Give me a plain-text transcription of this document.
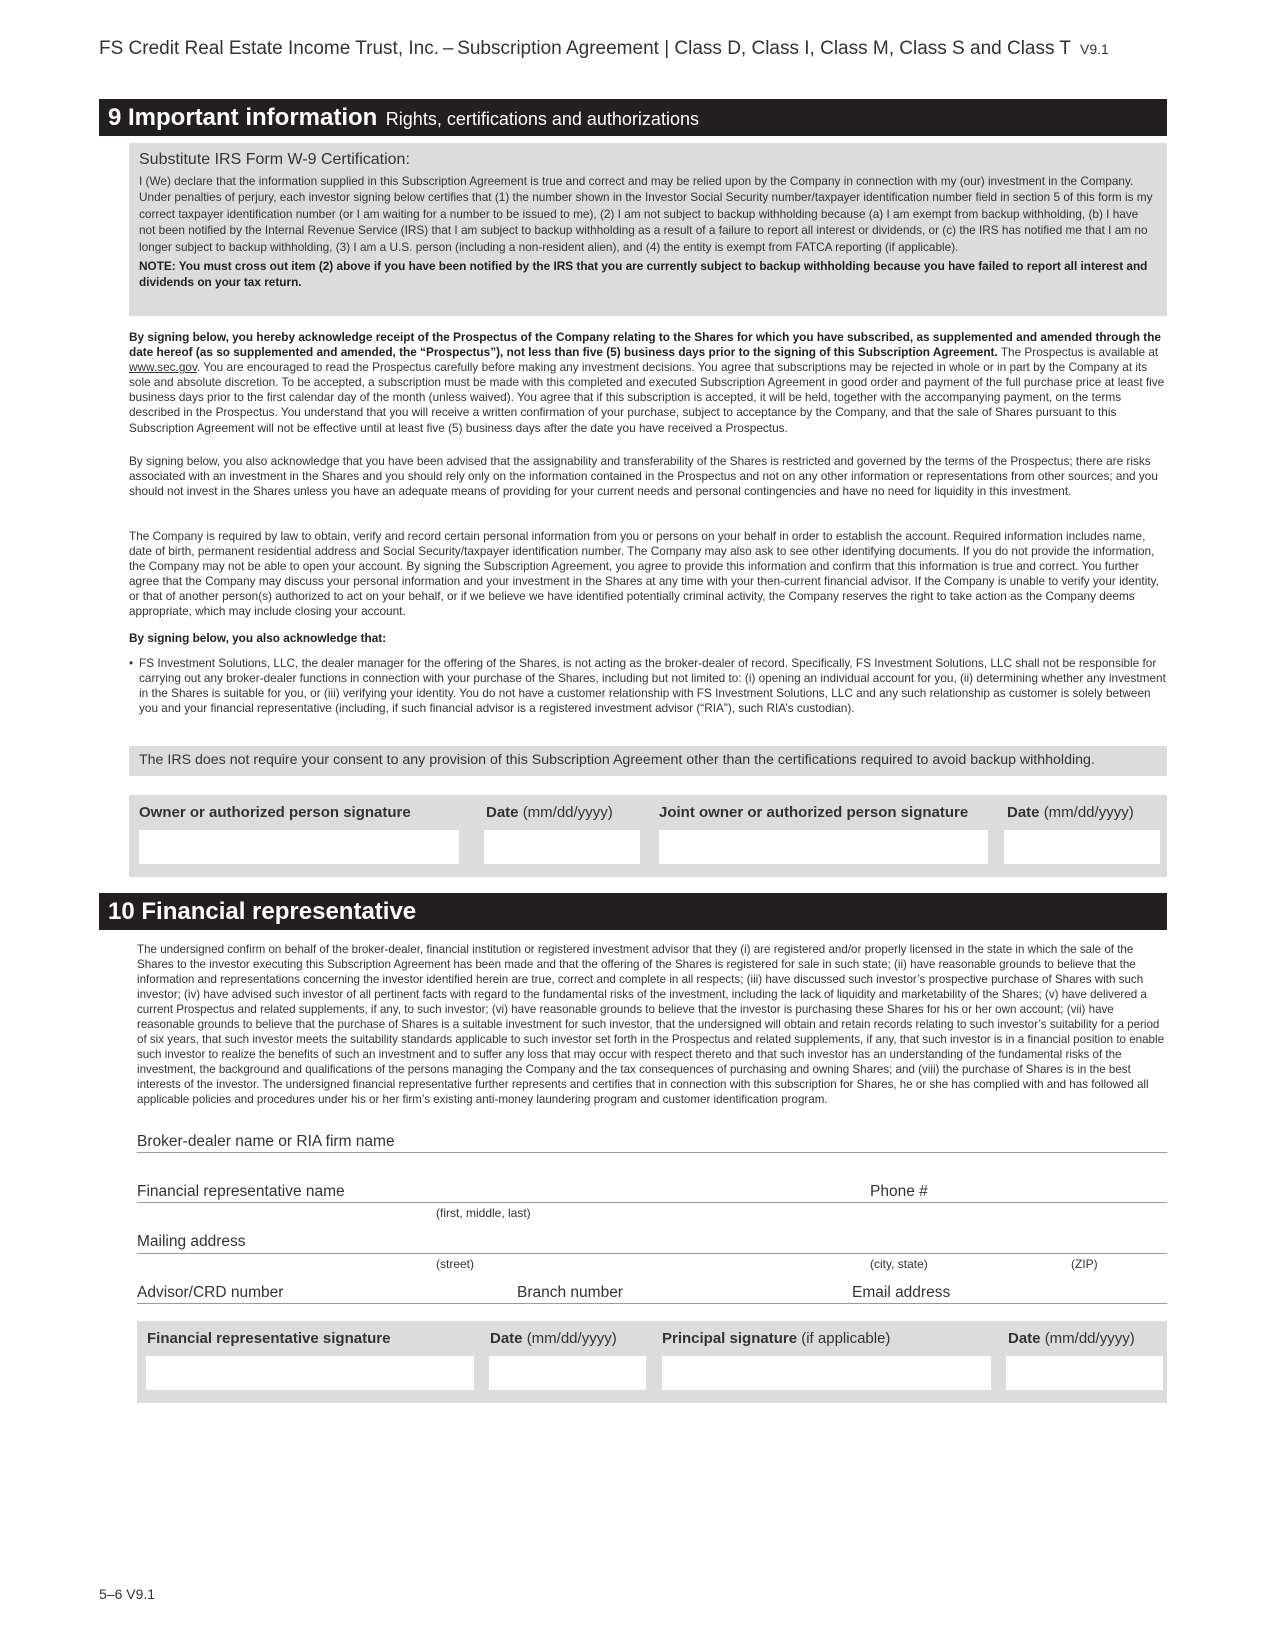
FS Credit Real Estate Income Trust, Inc. – Subscription Agreement | Class D, Class I, Class M, Class S and Class T V9.1
9 Important information Rights, certifications and authorizations
Substitute IRS Form W-9 Certification:
I (We) declare that the information supplied in this Subscription Agreement is true and correct and may be relied upon by the Company in connection with my (our) investment in the Company. Under penalties of perjury, each investor signing below certifies that (1) the number shown in the Investor Social Security number/taxpayer identification number field in section 5 of this form is my correct taxpayer identification number (or I am waiting for a number to be issued to me), (2) I am not subject to backup withholding because (a) I am exempt from backup withholding, (b) I have not been notified by the Internal Revenue Service (IRS) that I am subject to backup withholding as a result of a failure to report all interest or dividends, or (c) the IRS has notified me that I am no longer subject to backup withholding, (3) I am a U.S. person (including a non-resident alien), and (4) the entity is exempt from FATCA reporting (if applicable).
NOTE: You must cross out item (2) above if you have been notified by the IRS that you are currently subject to backup withholding because you have failed to report all interest and dividends on your tax return.
By signing below, you hereby acknowledge receipt of the Prospectus of the Company relating to the Shares for which you have subscribed, as supplemented and amended through the date hereof (as so supplemented and amended, the “Prospectus”), not less than five (5) business days prior to the signing of this Subscription Agreement. The Prospectus is available at www.sec.gov. You are encouraged to read the Prospectus carefully before making any investment decisions. You agree that subscriptions may be rejected in whole or in part by the Company at its sole and absolute discretion. To be accepted, a subscription must be made with this completed and executed Subscription Agreement in good order and payment of the full purchase price at least five business days prior to the first calendar day of the month (unless waived). You agree that if this subscription is accepted, it will be held, together with the accompanying payment, on the terms described in the Prospectus. You understand that you will receive a written confirmation of your purchase, subject to acceptance by the Company, and that the sale of Shares pursuant to this Subscription Agreement will not be effective until at least five (5) business days after the date you have received a Prospectus.
By signing below, you also acknowledge that you have been advised that the assignability and transferability of the Shares is restricted and governed by the terms of the Prospectus; there are risks associated with an investment in the Shares and you should rely only on the information contained in the Prospectus and not on any other information or representations from other sources; and you should not invest in the Shares unless you have an adequate means of providing for your current needs and personal contingencies and have no need for liquidity in this investment.
The Company is required by law to obtain, verify and record certain personal information from you or persons on your behalf in order to establish the account. Required information includes name, date of birth, permanent residential address and Social Security/taxpayer identification number. The Company may also ask to see other identifying documents. If you do not provide the information, the Company may not be able to open your account. By signing the Subscription Agreement, you agree to provide this information and confirm that this information is true and correct. You further agree that the Company may discuss your personal information and your investment in the Shares at any time with your then-current financial advisor. If the Company is unable to verify your identity, or that of another person(s) authorized to act on your behalf, or if we believe we have identified potentially criminal activity, the Company reserves the right to take action as the Company deems appropriate, which may include closing your account.
By signing below, you also acknowledge that:
• FS Investment Solutions, LLC, the dealer manager for the offering of the Shares, is not acting as the broker-dealer of record. Specifically, FS Investment Solutions, LLC shall not be responsible for carrying out any broker-dealer functions in connection with your purchase of the Shares, including but not limited to: (i) opening an individual account for you, (ii) determining whether any investment in the Shares is suitable for you, or (iii) verifying your identity. You do not have a customer relationship with FS Investment Solutions, LLC and any such relationship as customer is solely between you and your financial representative (including, if such financial advisor is a registered investment advisor (“RIA”), such RIA’s custodian).
The IRS does not require your consent to any provision of this Subscription Agreement other than the certifications required to avoid backup withholding.
Owner or authorized person signature	Date (mm/dd/yyyy)	Joint owner or authorized person signature	Date (mm/dd/yyyy)
10 Financial representative
The undersigned confirm on behalf of the broker-dealer, financial institution or registered investment advisor that they (i) are registered and/or properly licensed in the state in which the sale of the Shares to the investor executing this Subscription Agreement has been made and that the offering of the Shares is registered for sale in such state; (ii) have reasonable grounds to believe that the information and representations concerning the investor identified herein are true, correct and complete in all respects; (iii) have discussed such investor’s prospective purchase of Shares with such investor; (iv) have advised such investor of all pertinent facts with regard to the fundamental risks of the investment, including the lack of liquidity and marketability of the Shares; (v) have delivered a current Prospectus and related supplements, if any, to such investor; (vi) have reasonable grounds to believe that the investor is purchasing these Shares for his or her own account; (vii) have reasonable grounds to believe that the purchase of Shares is a suitable investment for such investor, that the undersigned will obtain and retain records relating to such investor’s suitability for a period of six years, that such investor meets the suitability standards applicable to such investor set forth in the Prospectus and related supplements, if any, that such investor is in a financial position to enable such investor to realize the benefits of such an investment and to suffer any loss that may occur with respect thereto and that such investor has an understanding of the fundamental risks of the investment, the background and qualifications of the persons managing the Company and the tax consequences of purchasing and owning Shares; and (viii) the purchase of Shares is in the best interests of the investor. The undersigned financial representative further represents and certifies that in connection with this subscription for Shares, he or she has complied with and has followed all applicable policies and procedures under his or her firm’s existing anti-money laundering program and customer identification program.
Broker-dealer name or RIA firm name
Financial representative name	Phone #
(first, middle, last)
Mailing address
(street)	(city, state)	(ZIP)
Advisor/CRD number	Branch number	Email address
Financial representative signature	Date (mm/dd/yyyy)	Principal signature (if applicable)	Date (mm/dd/yyyy)
5–6 V9.1
